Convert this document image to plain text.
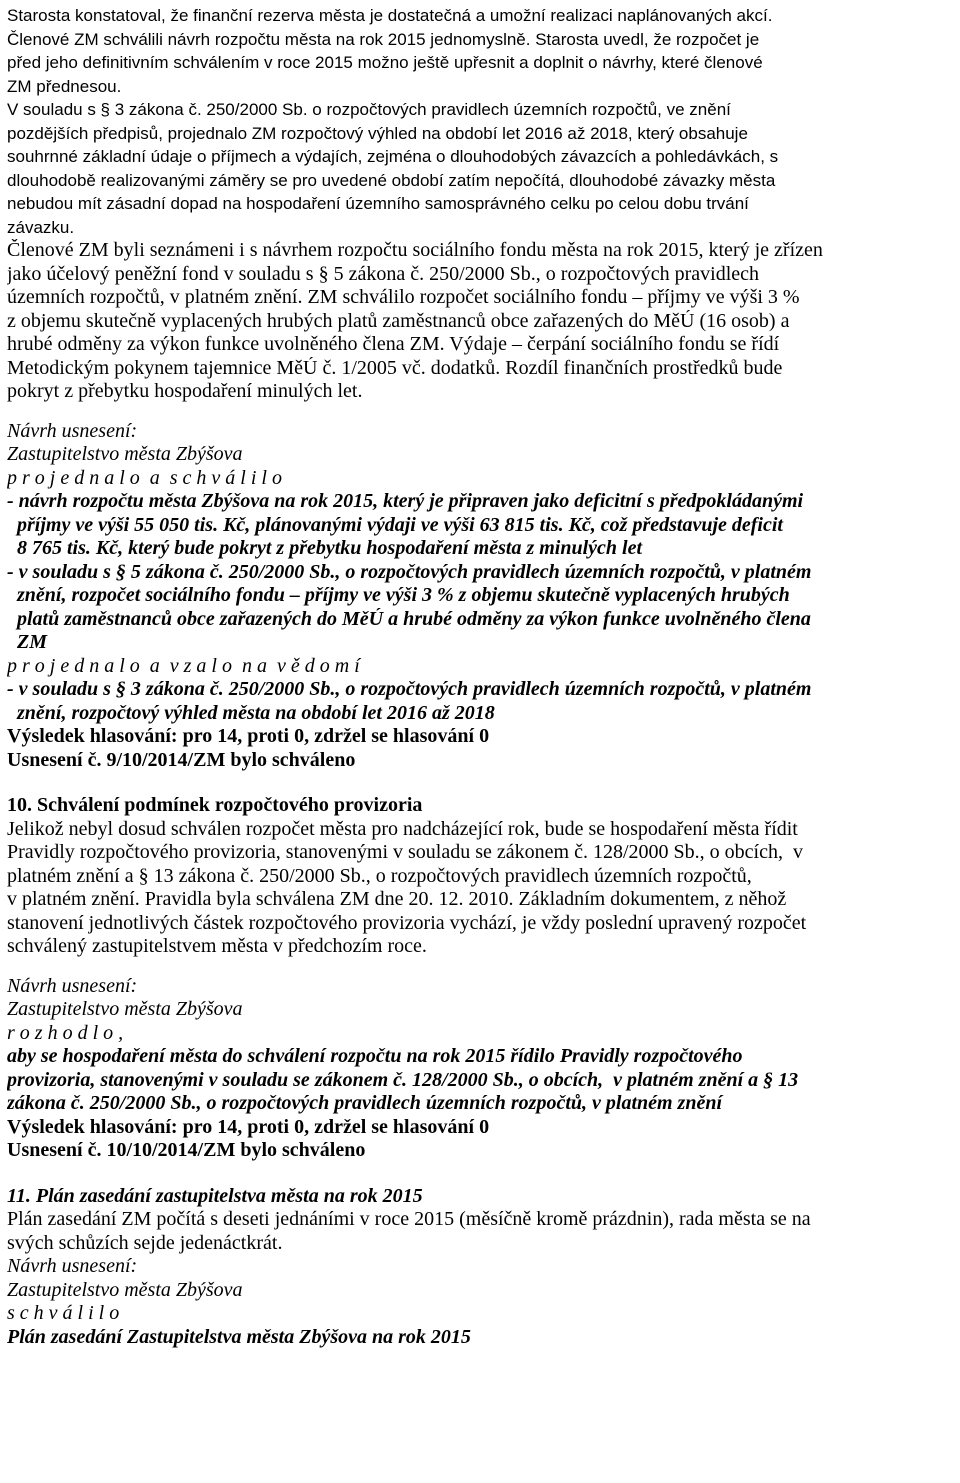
Starosta konstatoval, že finanční rezerva města je dostatečná a umožní realizaci naplánovaných akcí.
Členové ZM schválili návrh rozpočtu města na rok 2015 jednomyslně. Starosta uvedl, že rozpočet je
před jeho definitivním schválením v roce 2015 možno ještě upřesnit a doplnit o návrhy, které členové
ZM přednesou.
V souladu s § 3 zákona č. 250/2000 Sb. o rozpočtových pravidlech územních rozpočtů, ve znění
pozdějších předpisů, projednalo ZM rozpočtový výhled na období let 2016 až 2018, který obsahuje
souhrnné základní údaje o příjmech a výdajích, zejména o dlouhodobých závazcích a pohledávkách, s
dlouhodobě realizovanými záměry se pro uvedené období zatím nepočítá, dlouhodobé závazky města
nebudou mít zásadní dopad na hospodaření územního samosprávného celku po celou dobu trvání
závazku.
Členové ZM byli seznámeni i s návrhem rozpočtu sociálního fondu města na rok 2015, který je zřízen
jako účelový peněžní fond v souladu s § 5 zákona č. 250/2000 Sb., o rozpočtových pravidlech
územních rozpočtů, v platném znění. ZM schválilo rozpočet sociálního fondu – příjmy ve výši 3 %
z objemu skutečně vyplacených hrubých platů zaměstnanců obce zařazených do MěÚ (16 osob) a
hrubé odměny za výkon funkce uvolněného člena ZM. Výdaje – čerpání sociálního fondu se řídí
Metodickým pokynem tajemnice MěÚ č. 1/2005 vč. dodatků. Rozdíl finančních prostředků bude
pokryt z přebytku hospodaření minulých let.
Návrh usnesení:
Zastupitelstvo města Zbýšova
p r o j e d n a l o  a  s c h v á l i l o
- návrh rozpočtu města Zbýšova na rok 2015, který je připraven jako deficitní s předpokládanými
příjmy ve výši 55 050 tis. Kč, plánovanými výdaji ve výši 63 815 tis. Kč, což představuje deficit
8 765 tis. Kč, který bude pokryt z přebytku hospodaření města z minulých let
- v souladu s § 5 zákona č. 250/2000 Sb., o rozpočtových pravidlech územních rozpočtů, v platném
znění, rozpočet sociálního fondu – příjmy ve výši 3 % z objemu skutečně vyplacených hrubých
platů zaměstnanců obce zařazených do MěÚ a hrubé odměny za výkon funkce uvolněného člena
ZM
p r o j e d n a l o  a  v z a l o  n a  v ě d o m í
- v souladu s § 3 zákona č. 250/2000 Sb., o rozpočtových pravidlech územních rozpočtů, v platném
znění, rozpočtový výhled města na období let 2016 až 2018
Výsledek hlasování: pro 14, proti 0, zdržel se hlasování 0
Usnesení č. 9/10/2014/ZM bylo schváleno
10. Schválení podmínek rozpočtového provizoria
Jelikož nebyl dosud schválen rozpočet města pro nadcházející rok, bude se hospodaření města řídit
Pravidly rozpočtového provizoria, stanovenými v souladu se zákonem č. 128/2000 Sb., o obcích,  v
platném znění a § 13 zákona č. 250/2000 Sb., o rozpočtových pravidlech územních rozpočtů,
v platném znění. Pravidla byla schválena ZM dne 20. 12. 2010. Základním dokumentem, z něhož
stanovení jednotlivých částek rozpočtového provizoria vychází, je vždy poslední upravený rozpočet
schválený zastupitelstvem města v předchozím roce.
Návrh usnesení:
Zastupitelstvo města Zbýšova
r o z h o d l o ,
aby se hospodaření města do schválení rozpočtu na rok 2015 řídilo Pravidly rozpočtového
provizoria, stanovenými v souladu se zákonem č. 128/2000 Sb., o obcích,  v platném znění a § 13
zákona č. 250/2000 Sb., o rozpočtových pravidlech územních rozpočtů, v platném znění
Výsledek hlasování: pro 14, proti 0, zdržel se hlasování 0
Usnesení č. 10/10/2014/ZM bylo schváleno
11. Plán zasedání zastupitelstva města na rok 2015
Plán zasedání ZM počítá s deseti jednáními v roce 2015 (měsíčně kromě prázdnin), rada města se na
svých schůzích sejde jedenáctkrát.
Návrh usnesení:
Zastupitelstvo města Zbýšova
s c h v á l i l o
Plán zasedání Zastupitelstva města Zbýšova na rok 2015
